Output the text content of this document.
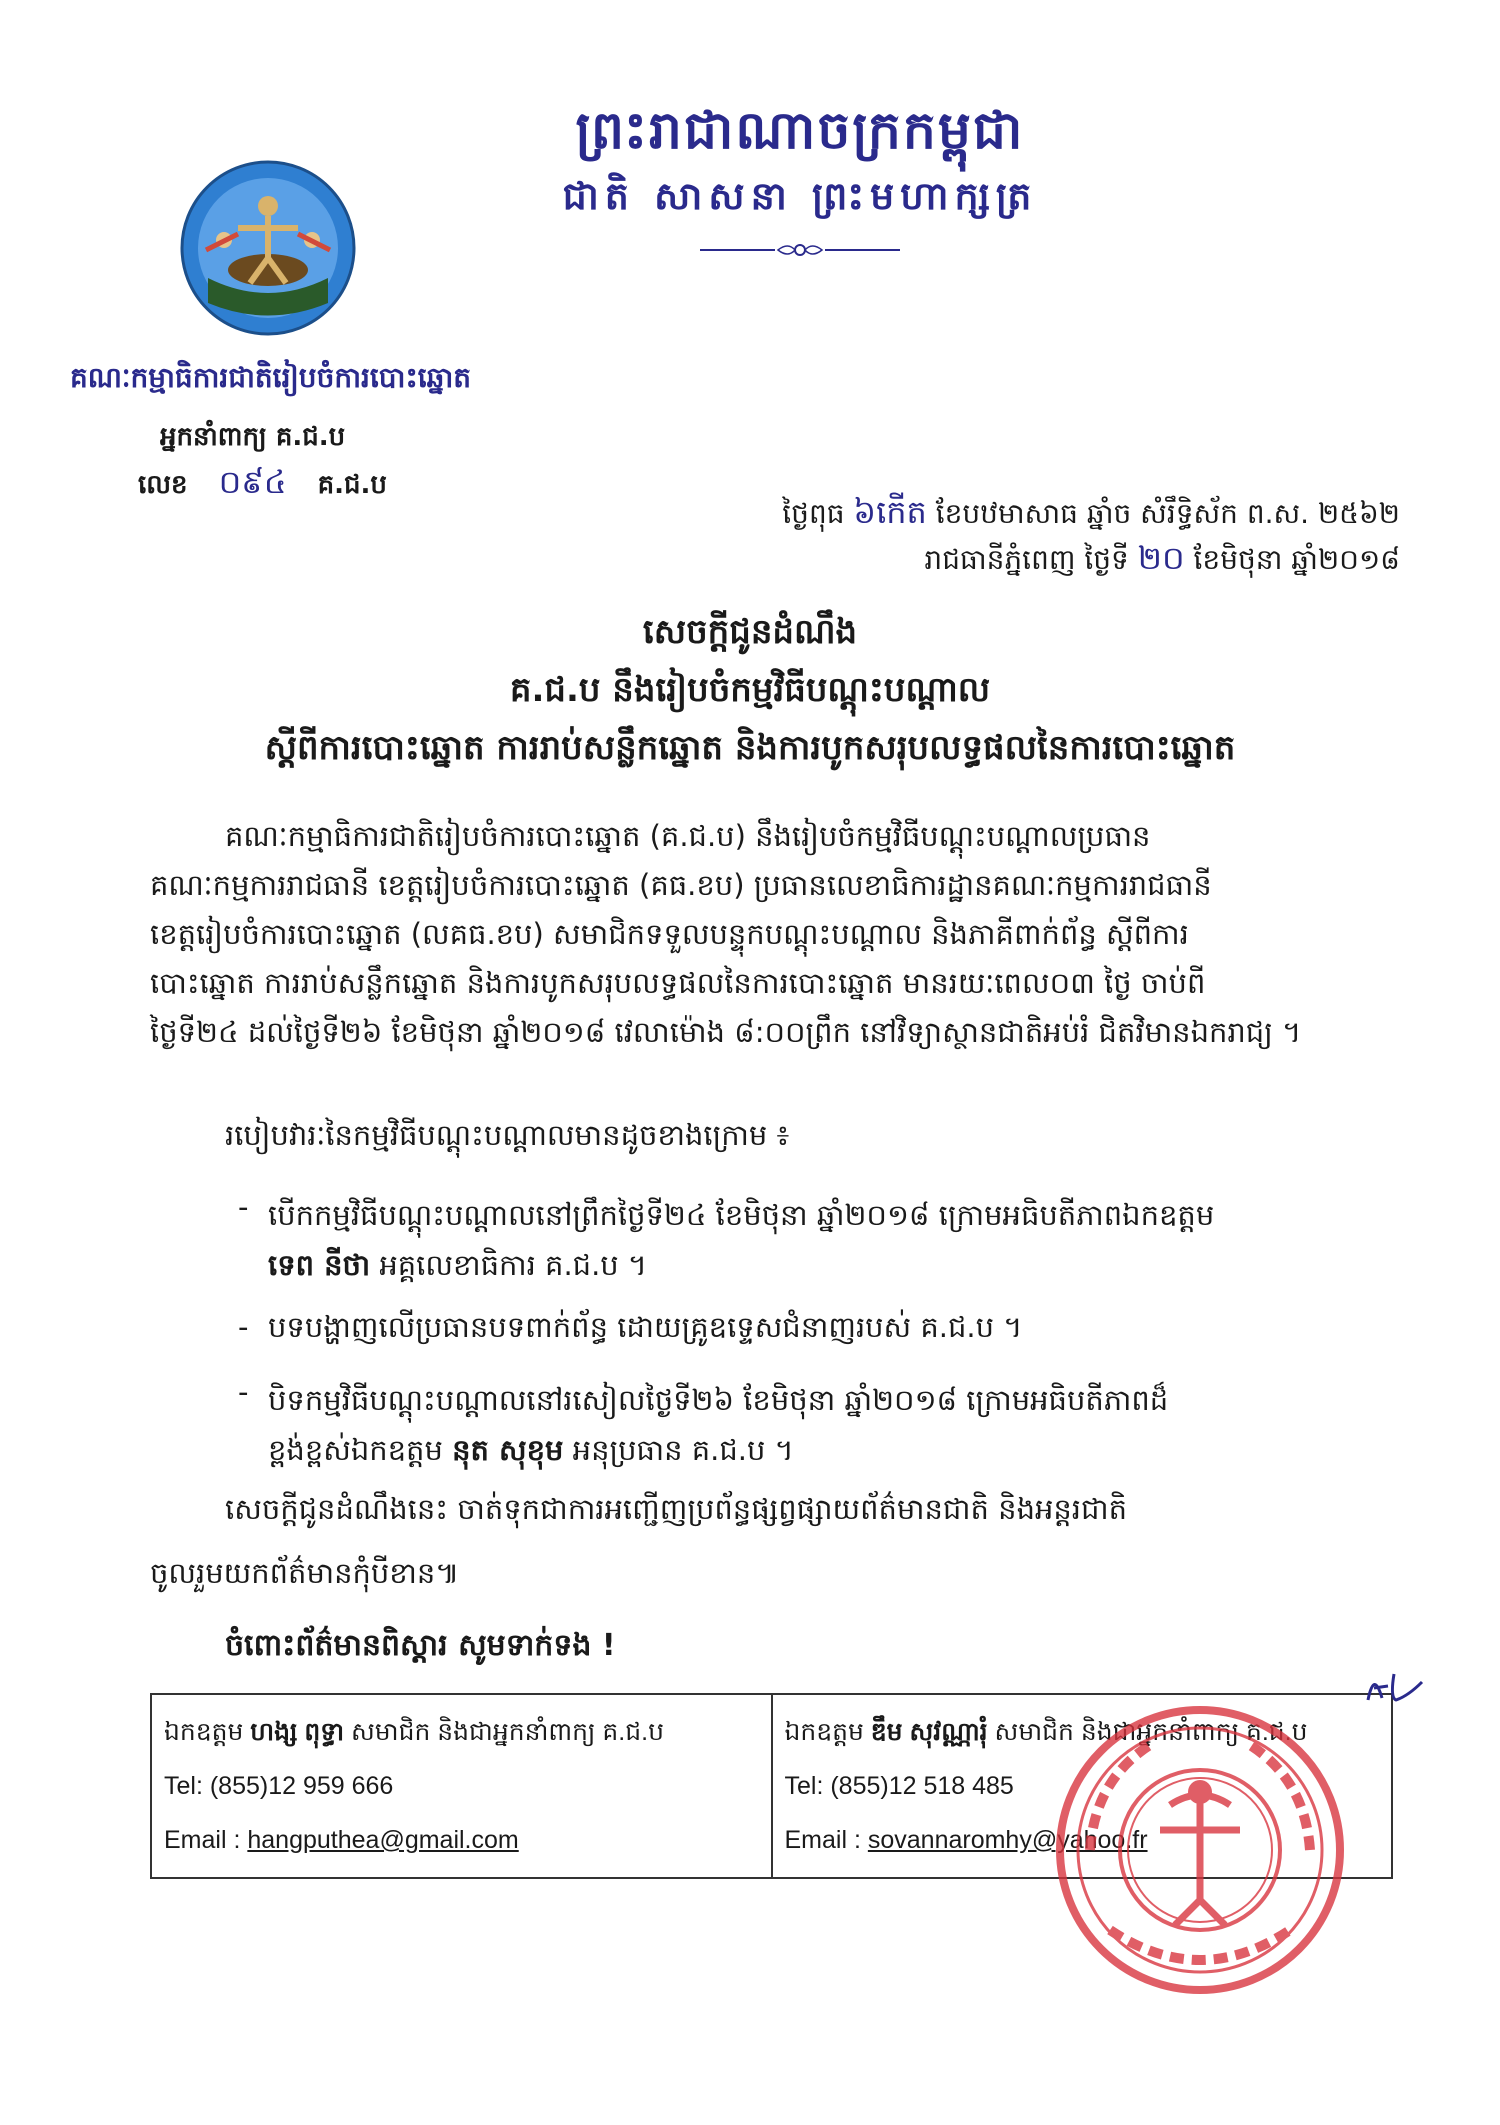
ព្រះរាជាណាចក្រកម្ពុជា
ជាតិ សាសនា ព្រះមហាក្សត្រ
គណៈកម្មាធិការជាតិរៀបចំការបោះឆ្នោត
អ្នកនាំពាក្យ គ.ជ.ប
លេខ ០៩៤ គ.ជ.ប
ថ្ងៃពុធ ៦កើត ខែបឋមាសាធ ឆ្នាំច សំរឹទ្ធិស័ក ព.ស. ២៥៦២
រាជធានីភ្នំពេញ ថ្ងៃទី ២០ ខែមិថុនា ឆ្នាំ២០១៨
សេចក្តីជូនដំណឹង
គ.ជ.ប នឹងរៀបចំកម្មវិធីបណ្តុះបណ្តាល
ស្តីពីការបោះឆ្នោត ការរាប់សន្លឹកឆ្នោត និងការបូកសរុបលទ្ធផលនៃការបោះឆ្នោត
គណៈកម្មាធិការជាតិរៀបចំការបោះឆ្នោត (គ.ជ.ប) នឹងរៀបចំកម្មវិធីបណ្តុះបណ្តាលប្រធាន
គណៈកម្មការរាជធានី ខេត្តរៀបចំការបោះឆ្នោត (គធ.ខប) ប្រធានលេខាធិការដ្ឋានគណៈកម្មការរាជធានី
ខេត្តរៀបចំការបោះឆ្នោត (លគធ.ខប) សមាជិកទទួលបន្ទុកបណ្តុះបណ្តាល និងភាគីពាក់ព័ន្ធ ស្តីពីការ
បោះឆ្នោត ការរាប់សន្លឹកឆ្នោត និងការបូកសរុបលទ្ធផលនៃការបោះឆ្នោត មានរយៈពេល០៣ ថ្ងៃ ចាប់ពី
ថ្ងៃទី២៤ ដល់ថ្ងៃទី២៦ ខែមិថុនា ឆ្នាំ២០១៨ វេលាម៉ោង ៨:០០ព្រឹក នៅវិទ្យាស្ថានជាតិអប់រំ ជិតវិមានឯករាជ្យ ។
របៀបវារៈនៃកម្មវិធីបណ្តុះបណ្តាលមានដូចខាងក្រោម ៖
- បើកកម្មវិធីបណ្តុះបណ្តាលនៅព្រឹកថ្ងៃទី២៤ ខែមិថុនា ឆ្នាំ២០១៨ ក្រោមអធិបតីភាពឯកឧត្តម
ទេព នីថា អគ្គលេខាធិការ គ.ជ.ប ។
- បទបង្ហាញលើប្រធានបទពាក់ព័ន្ធ ដោយគ្រូឧទ្ទេសជំនាញរបស់ គ.ជ.ប ។
- បិទកម្មវិធីបណ្តុះបណ្តាលនៅរសៀលថ្ងៃទី២៦ ខែមិថុនា ឆ្នាំ២០១៨ ក្រោមអធិបតីភាពដ៏
ខ្ពង់ខ្ពស់ឯកឧត្តម នុត សុខុម អនុប្រធាន គ.ជ.ប ។
សេចក្តីជូនដំណឹងនេះ ចាត់ទុកជាការអញ្ជើញប្រព័ន្ធផ្សព្វផ្សាយព័ត៌មានជាតិ និងអន្តរជាតិ
ចូលរួមយកព័ត៌មានកុំបីខាន៕
ចំពោះព័ត៌មានពិស្តារ សូមទាក់ទង !
ឯកឧត្តម ហង្ស ពុទ្ធា សមាជិក និងជាអ្នកនាំពាក្យ គ.ជ.ប
Tel: (855)12 959 666
Email : hangputhea@gmail.com

ឯកឧត្តម ឌឹម សុវណ្ណារុំ សមាជិក និងជាអ្នកនាំពាក្យ គ.ជ.ប
Tel: (855)12 518 485
Email : sovannaromhy@yahoo.fr
